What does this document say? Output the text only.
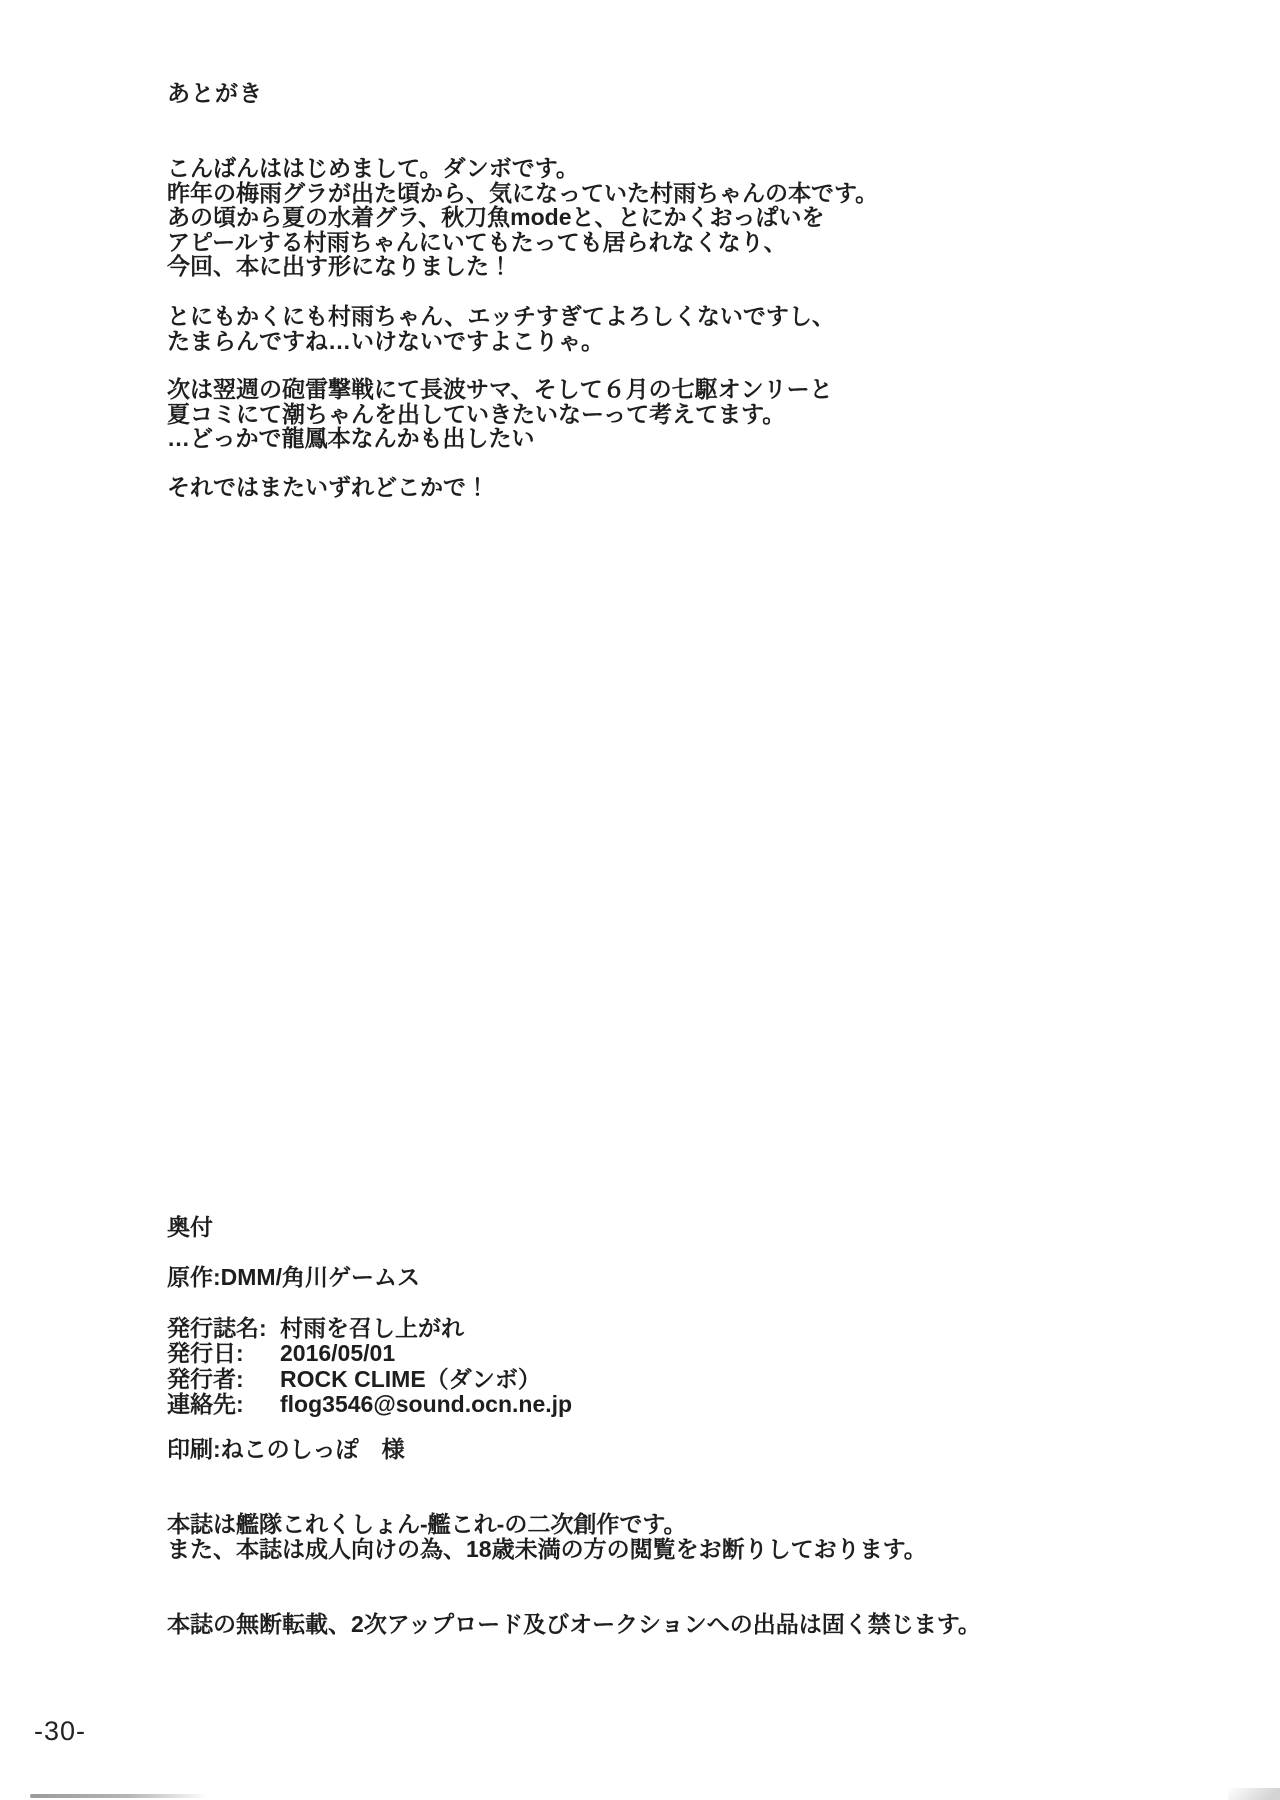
あとがき
こんばんははじめまして。ダンボです。
昨年の梅雨グラが出た頃から、気になっていた村雨ちゃんの本です。
あの頃から夏の水着グラ、秋刀魚modeと、とにかくおっぱいを
アピールする村雨ちゃんにいてもたっても居られなくなり、
今回、本に出す形になりました！
とにもかくにも村雨ちゃん、エッチすぎてよろしくないですし、
たまらんですね…いけないですよこりゃ。
次は翌週の砲雷撃戦にて長波サマ、そして６月の七駆オンリーと
夏コミにて潮ちゃんを出していきたいなーって考えてます。
…どっかで龍鳳本なんかも出したい
それではまたいずれどこかで！
奥付
原作:DMM/角川ゲームス
発行誌名: 村雨を召し上がれ
発行日:	2016/05/01
発行者:	ROCK CLIME（ダンボ）
連絡先:	flog3546@sound.ocn.ne.jp
印刷:ねこのしっぽ　様
本誌は艦隊これくしょん-艦これ-の二次創作です。
また、本誌は成人向けの為、18歳未満の方の閲覧をお断りしております。
本誌の無断転載、2次アップロード及びオークションへの出品は固く禁じます。
-30-
